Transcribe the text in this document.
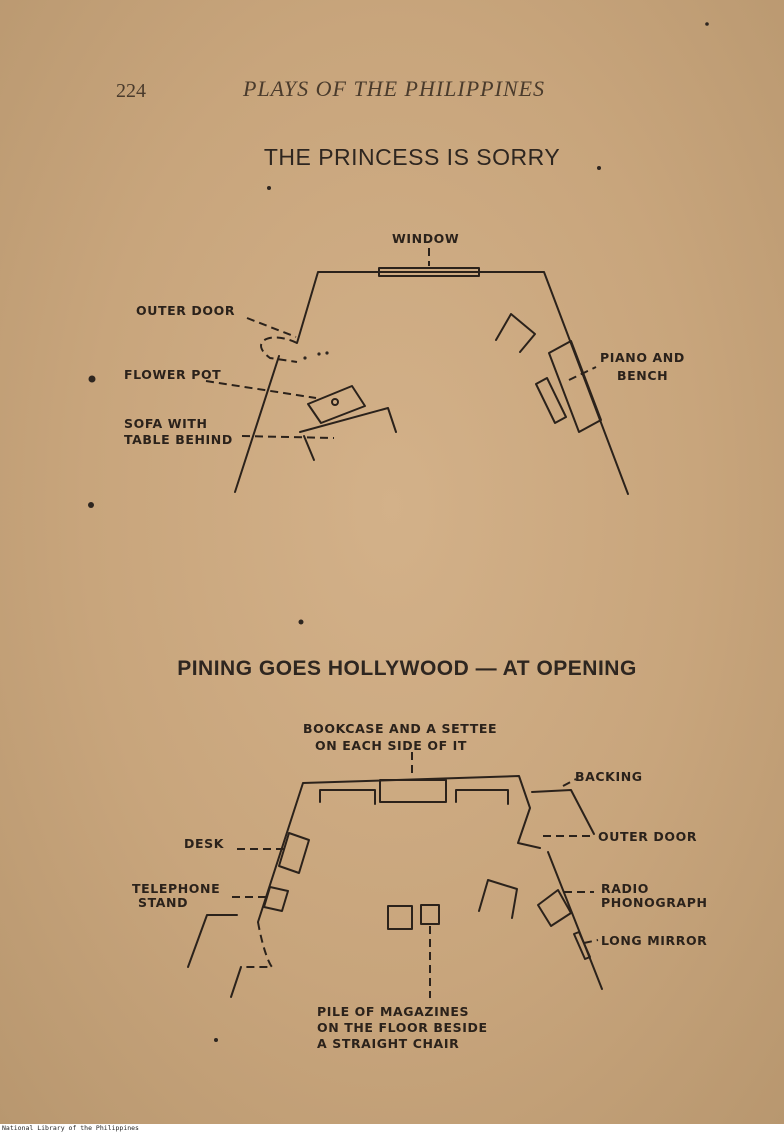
224	PLAYS OF THE PHILIPPINES
THE PRINCESS IS SORRY
PINING GOES HOLLYWOOD — AT OPENING
WINDOW
OUTER DOOR
FLOWER POT
SOFA WITH
TABLE BEHIND
PIANO AND
BENCH
BOOKCASE AND A SETTEE
ON EACH SIDE OF IT
BACKING
OUTER DOOR
DESK
TELEPHONE
STAND
RADIO
PHONOGRAPH
LONG MIRROR
PILE OF MAGAZINES
ON THE FLOOR BESIDE
A STRAIGHT CHAIR
National Library of the Philippines
